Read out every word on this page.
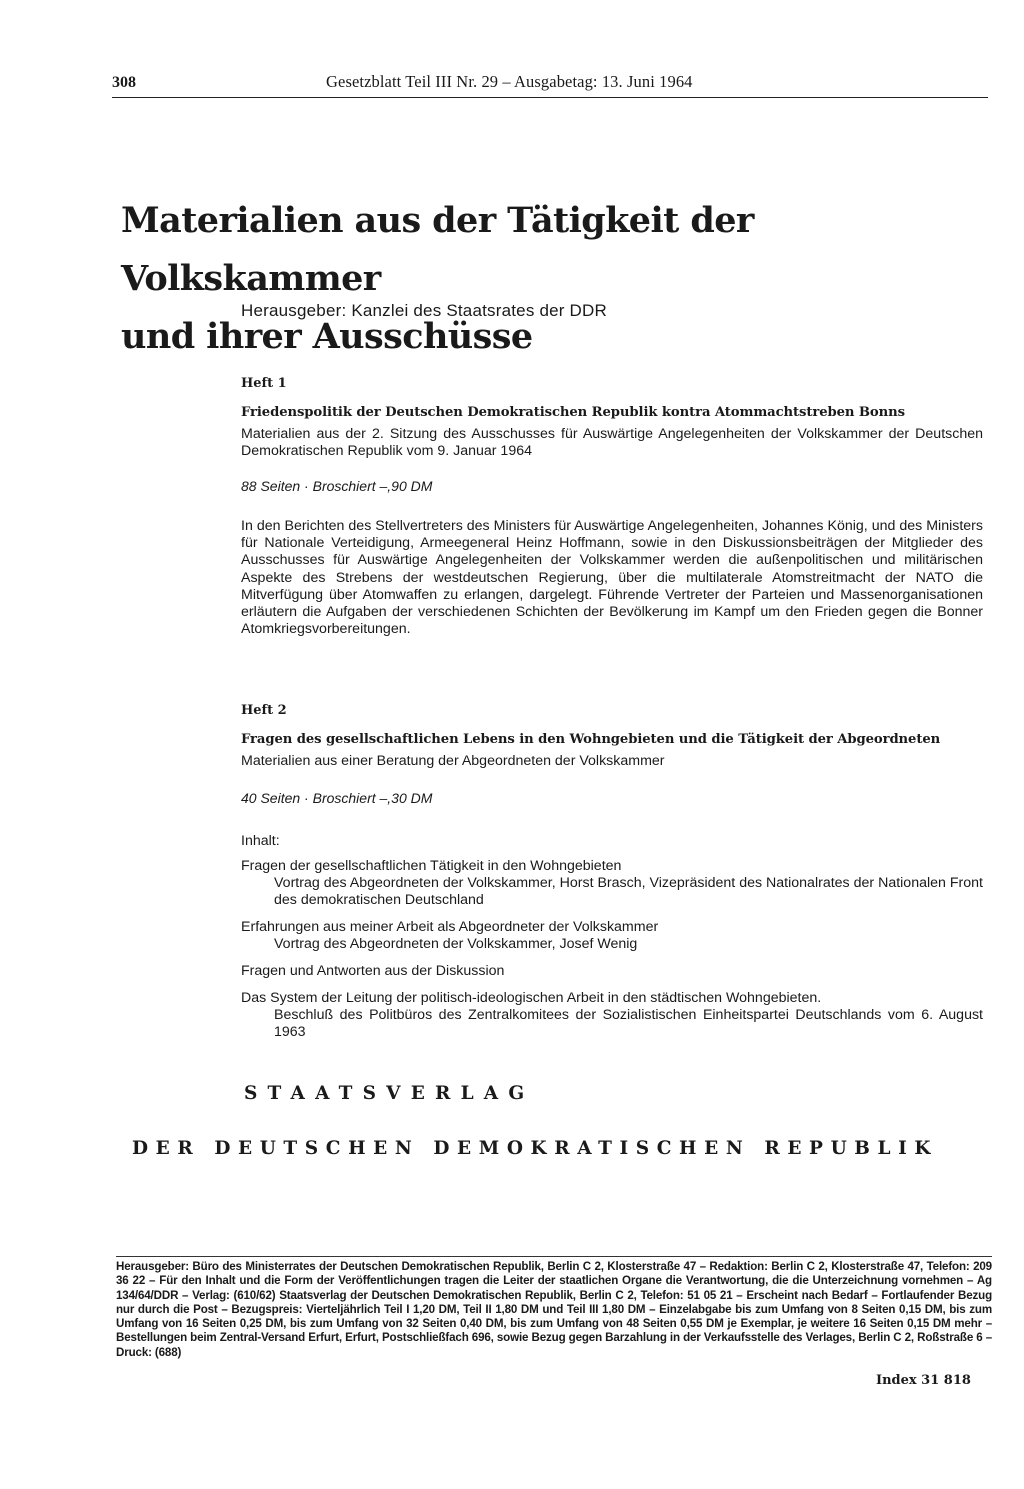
308	Gesetzblatt Teil III Nr. 29 – Ausgabetag: 13. Juni 1964
Materialien aus der Tätigkeit der Volkskammer
und ihrer Ausschüsse
Herausgeber: Kanzlei des Staatsrates der DDR

Heft 1

Friedenspolitik der Deutschen Demokratischen Republik kontra Atommachtstreben Bonns

Materialien aus der 2. Sitzung des Ausschusses für Auswärtige Angelegenheiten der Volkskammer der Deutschen Demokratischen Republik vom 9. Januar 1964

88 Seiten · Broschiert –,90 DM

In den Berichten des Stellvertreters des Ministers für Auswärtige Angelegenheiten, Johannes König, und des Ministers für Nationale Verteidigung, Armeegeneral Heinz Hoffmann, sowie in den Diskussionsbeiträgen der Mitglieder des Ausschusses für Auswärtige Angelegenheiten der Volkskammer werden die außenpolitischen und militärischen Aspekte des Strebens der westdeutschen Regierung, über die multilaterale Atomstreitmacht der NATO die Mitverfügung über Atomwaffen zu erlangen, dargelegt. Führende Vertreter der Parteien und Massenorganisationen erläutern die Aufgaben der verschiedenen Schichten der Bevölkerung im Kampf um den Frieden gegen die Bonner Atomkriegsvorbereitungen.

Heft 2

Fragen des gesellschaftlichen Lebens in den Wohngebieten und die Tätigkeit der Abgeordneten

Materialien aus einer Beratung der Abgeordneten der Volkskammer

40 Seiten · Broschiert –,30 DM

Inhalt:

Fragen der gesellschaftlichen Tätigkeit in den Wohngebieten
Vortrag des Abgeordneten der Volkskammer, Horst Brasch, Vizepräsident des Nationalrates der Nationalen Front des demokratischen Deutschland
Erfahrungen aus meiner Arbeit als Abgeordneter der Volkskammer
Vortrag des Abgeordneten der Volkskammer, Josef Wenig
Fragen und Antworten aus der Diskussion
Das System der Leitung der politisch-ideologischen Arbeit in den städtischen Wohngebieten.
Beschluß des Politbüros des Zentralkomitees der Sozialistischen Einheitspartei Deutschlands vom 6. August 1963
STAATSVERLAG
DER DEUTSCHEN DEMOKRATISCHEN REPUBLIK
Herausgeber: Büro des Ministerrates der Deutschen Demokratischen Republik, Berlin C 2, Klosterstraße 47 – Redaktion: Berlin C 2, Klosterstraße 47, Telefon: 209 36 22 – Für den Inhalt und die Form der Veröffentlichungen tragen die Leiter der staatlichen Organe die Verantwortung, die die Unterzeichnung vornehmen – Ag 134/64/DDR – Verlag: (610/62) Staatsverlag der Deutschen Demokratischen Republik, Berlin C 2, Telefon: 51 05 21 – Erscheint nach Bedarf – Fortlaufender Bezug nur durch die Post – Bezugspreis: Vierteljährlich Teil I 1,20 DM, Teil II 1,80 DM und Teil III 1,80 DM – Einzelabgabe bis zum Umfang von 8 Seiten 0,15 DM, bis zum Umfang von 16 Seiten 0,25 DM, bis zum Umfang von 32 Seiten 0,40 DM, bis zum Umfang von 48 Seiten 0,55 DM je Exemplar, je weitere 16 Seiten 0,15 DM mehr – Bestellungen beim Zentral-Versand Erfurt, Erfurt, Postschließfach 696, sowie Bezug gegen Barzahlung in der Verkaufsstelle des Verlages, Berlin C 2, Roßstraße 6 – Druck: (688)
Index 31 818
